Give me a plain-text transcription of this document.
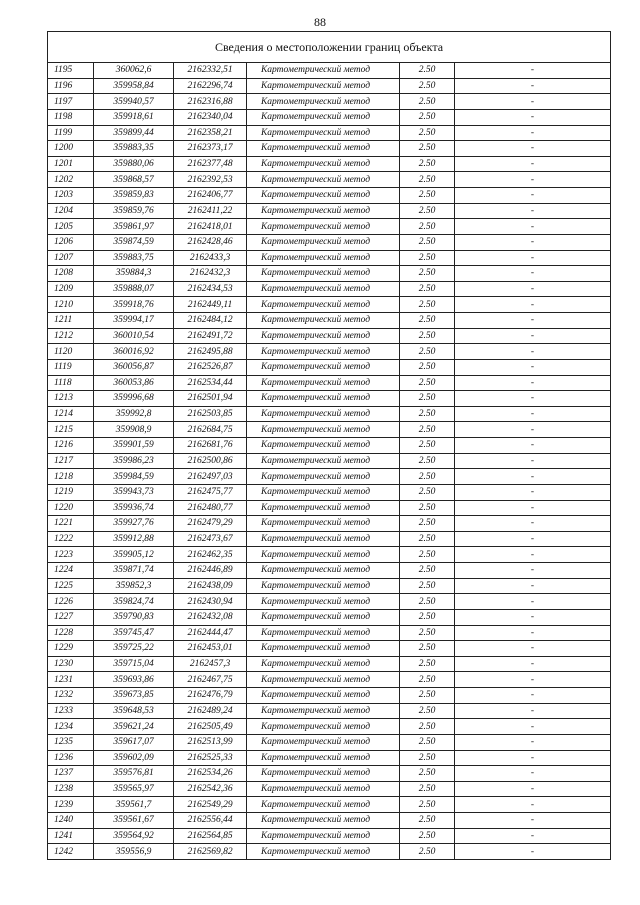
88
Сведения о местоположении границ объекта					
1195	360062,6	2162332,51	Картометрический метод	2.50	-
1196	359958,84	2162296,74	Картометрический метод	2.50	-
1197	359940,57	2162316,88	Картометрический метод	2.50	-
1198	359918,61	2162340,04	Картометрический метод	2.50	-
1199	359899,44	2162358,21	Картометрический метод	2.50	-
1200	359883,35	2162373,17	Картометрический метод	2.50	-
1201	359880,06	2162377,48	Картометрический метод	2.50	-
1202	359868,57	2162392,53	Картометрический метод	2.50	-
1203	359859,83	2162406,77	Картометрический метод	2.50	-
1204	359859,76	2162411,22	Картометрический метод	2.50	-
1205	359861,97	2162418,01	Картометрический метод	2.50	-
1206	359874,59	2162428,46	Картометрический метод	2.50	-
1207	359883,75	2162433,3	Картометрический метод	2.50	-
1208	359884,3	2162432,3	Картометрический метод	2.50	-
1209	359888,07	2162434,53	Картометрический метод	2.50	-
1210	359918,76	2162449,11	Картометрический метод	2.50	-
1211	359994,17	2162484,12	Картометрический метод	2.50	-
1212	360010,54	2162491,72	Картометрический метод	2.50	-
1120	360016,92	2162495,88	Картометрический метод	2.50	-
1119	360056,87	2162526,87	Картометрический метод	2.50	-
1118	360053,86	2162534,44	Картометрический метод	2.50	-
1213	359996,68	2162501,94	Картометрический метод	2.50	-
1214	359992,8	2162503,85	Картометрический метод	2.50	-
1215	359908,9	2162684,75	Картометрический метод	2.50	-
1216	359901,59	2162681,76	Картометрический метод	2.50	-
1217	359986,23	2162500,86	Картометрический метод	2.50	-
1218	359984,59	2162497,03	Картометрический метод	2.50	-
1219	359943,73	2162475,77	Картометрический метод	2.50	-
1220	359936,74	2162480,77	Картометрический метод	2.50	-
1221	359927,76	2162479,29	Картометрический метод	2.50	-
1222	359912,88	2162473,67	Картометрический метод	2.50	-
1223	359905,12	2162462,35	Картометрический метод	2.50	-
1224	359871,74	2162446,89	Картометрический метод	2.50	-
1225	359852,3	2162438,09	Картометрический метод	2.50	-
1226	359824,74	2162430,94	Картометрический метод	2.50	-
1227	359790,83	2162432,08	Картометрический метод	2.50	-
1228	359745,47	2162444,47	Картометрический метод	2.50	-
1229	359725,22	2162453,01	Картометрический метод	2.50	-
1230	359715,04	2162457,3	Картометрический метод	2.50	-
1231	359693,86	2162467,75	Картометрический метод	2.50	-
1232	359673,85	2162476,79	Картометрический метод	2.50	-
1233	359648,53	2162489,24	Картометрический метод	2.50	-
1234	359621,24	2162505,49	Картометрический метод	2.50	-
1235	359617,07	2162513,99	Картометрический метод	2.50	-
1236	359602,09	2162525,33	Картометрический метод	2.50	-
1237	359576,81	2162534,26	Картометрический метод	2.50	-
1238	359565,97	2162542,36	Картометрический метод	2.50	-
1239	359561,7	2162549,29	Картометрический метод	2.50	-
1240	359561,67	2162556,44	Картометрический метод	2.50	-
1241	359564,92	2162564,85	Картометрический метод	2.50	-
1242	359556,9	2162569,82	Картометрический метод	2.50	-
